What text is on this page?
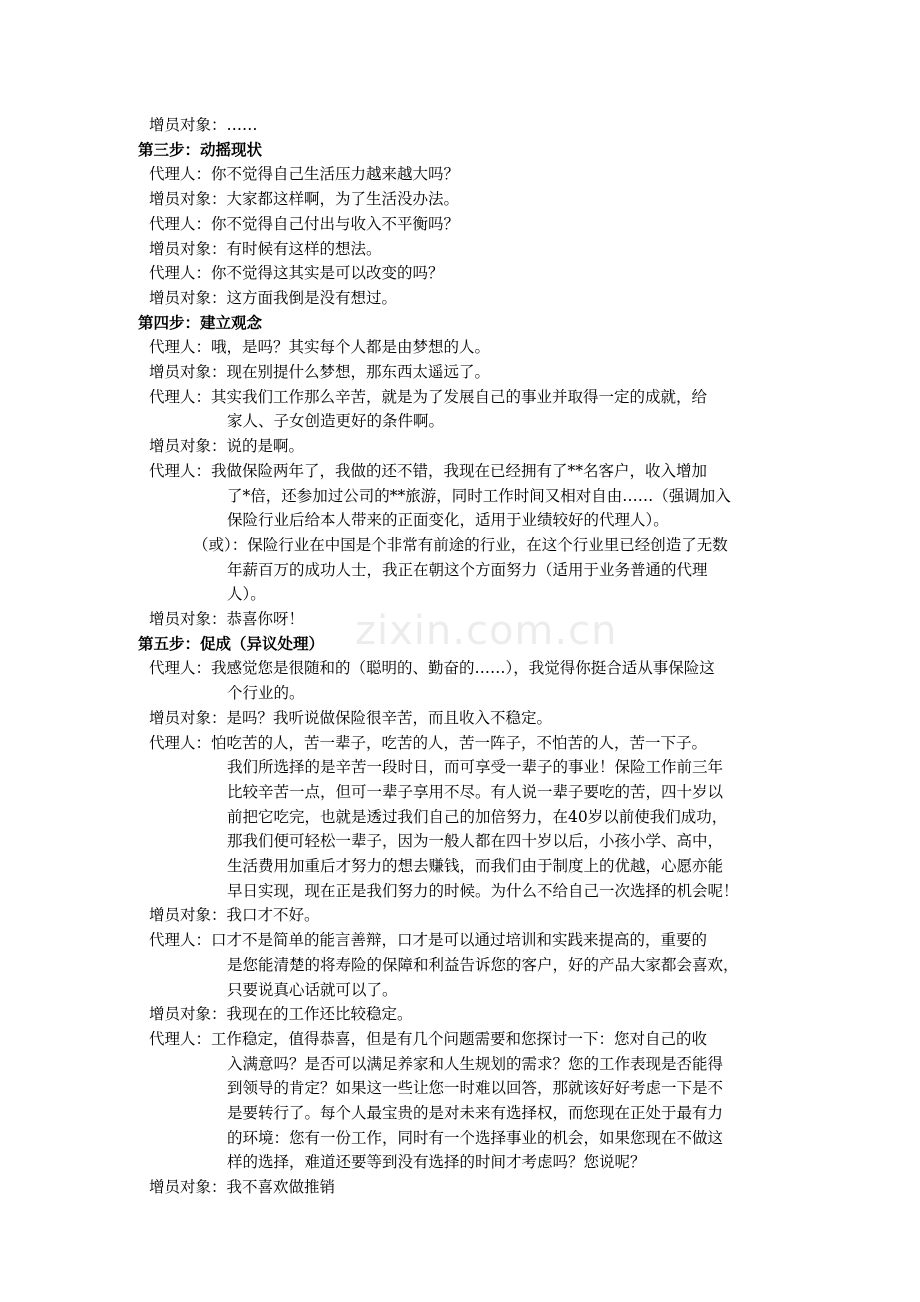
zixin.com.cn
增员对象：……
第三步：动摇现状
代理人：你不觉得自己生活压力越来越大吗？
增员对象：大家都这样啊，为了生活没办法。
代理人：你不觉得自己付出与收入不平衡吗？
增员对象：有时候有这样的想法。
代理人：你不觉得这其实是可以改变的吗？
增员对象：这方面我倒是没有想过。
第四步：建立观念
代理人：哦，是吗？其实每个人都是由梦想的人。
增员对象：现在别提什么梦想，那东西太遥远了。
代理人：其实我们工作那么辛苦，就是为了发展自己的事业并取得一定的成就，给
家人、子女创造更好的条件啊。
增员对象：说的是啊。
代理人：我做保险两年了，我做的还不错，我现在已经拥有了**名客户，收入增加
了*倍，还参加过公司的**旅游，同时工作时间又相对自由……（强调加入
保险行业后给本人带来的正面变化，适用于业绩较好的代理人）。
（或）：保险行业在中国是个非常有前途的行业，在这个行业里已经创造了无数
年薪百万的成功人士，我正在朝这个方面努力（适用于业务普通的代理
人）。
增员对象：恭喜你呀！
第五步：促成（异议处理）
代理人：我感觉您是很随和的（聪明的、勤奋的……），我觉得你挺合适从事保险这
个行业的。
增员对象：是吗？我听说做保险很辛苦，而且收入不稳定。
代理人：怕吃苦的人，苦一辈子，吃苦的人，苦一阵子，不怕苦的人，苦一下子。
我们所选择的是辛苦一段时日，而可享受一辈子的事业！保险工作前三年
比较辛苦一点，但可一辈子享用不尽。有人说一辈子要吃的苦，四十岁以
前把它吃完，也就是透过我们自己的加倍努力，在40岁以前使我们成功，
那我们便可轻松一辈子，因为一般人都在四十岁以后，小孩小学、高中，
生活费用加重后才努力的想去赚钱，而我们由于制度上的优越，心愿亦能
早日实现，现在正是我们努力的时候。为什么不给自己一次选择的机会呢！
增员对象：我口才不好。
代理人：口才不是简单的能言善辩，口才是可以通过培训和实践来提高的，重要的
是您能清楚的将寿险的保障和利益告诉您的客户，好的产品大家都会喜欢，
只要说真心话就可以了。
增员对象：我现在的工作还比较稳定。
代理人：工作稳定，值得恭喜，但是有几个问题需要和您探讨一下：您对自己的收
入满意吗？是否可以满足养家和人生规划的需求？您的工作表现是否能得
到领导的肯定？如果这一些让您一时难以回答，那就该好好考虑一下是不
是要转行了。每个人最宝贵的是对未来有选择权，而您现在正处于最有力
的环境：您有一份工作，同时有一个选择事业的机会，如果您现在不做这
样的选择，难道还要等到没有选择的时间才考虑吗？您说呢？
增员对象：我不喜欢做推销
